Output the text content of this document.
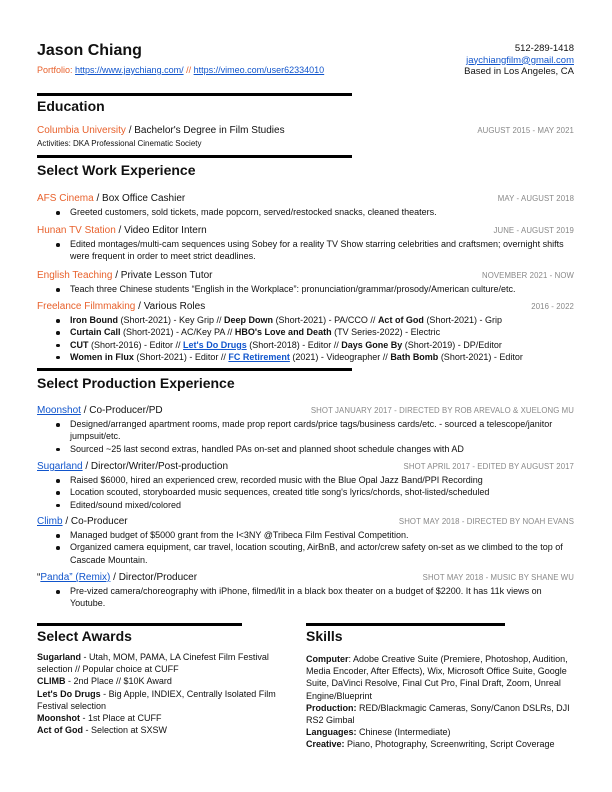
Jason Chiang
Portfolio: https://www.jaychiang.com/ // https://vimeo.com/user62334010
512-289-1418
jaychiangfilm@gmail.com
Based in Los Angeles, CA
Education
Columbia University / Bachelor's Degree in Film Studies	AUGUST 2015 - MAY 2021
Activities: DKA Professional Cinematic Society
Select Work Experience
AFS Cinema / Box Office Cashier	MAY - AUGUST 2018
Greeted customers, sold tickets, made popcorn, served/restocked snacks, cleaned theaters.
Hunan TV Station / Video Editor Intern	JUNE - AUGUST 2019
Edited montages/multi-cam sequences using Sobey for a reality TV Show starring celebrities and craftsmen; overnight shifts were frequent in order to meet strict deadlines.
English Teaching / Private Lesson Tutor	NOVEMBER 2021 - NOW
Teach three Chinese students “English in the Workplace”: pronunciation/grammar/prosody/American culture/etc.
Freelance Filmmaking / Various Roles	2016 - 2022
Iron Bound (Short-2021) - Key Grip // Deep Down (Short-2021) - PA/CCO // Act of God (Short-2021) - Grip
Curtain Call (Short-2021) - AC/Key PA // HBO's Love and Death (TV Series-2022) - Electric
CUT (Short-2016) - Editor // Let's Do Drugs (Short-2018) - Editor // Days Gone By (Short-2019) - DP/Editor
Women in Flux (Short-2021) - Editor // FC Retirement (2021) - Videographer // Bath Bomb (Short-2021) - Editor
Select Production Experience
Moonshot / Co-Producer/PD	SHOT JANUARY 2017 - DIRECTED BY ROB AREVALO & XUELONG MU
Designed/arranged apartment rooms, made prop report cards/price tags/business cards/etc. - sourced a telescope/janitor jumpsuit/etc.
Sourced ~25 last second extras, handled PAs on-set and planned shoot schedule changes with AD
Sugarland / Director/Writer/Post-production	SHOT APRIL 2017 - EDITED BY AUGUST 2017
Raised $6000, hired an experienced crew, recorded music with the Blue Opal Jazz Band/PPI Recording
Location scouted, storyboarded music sequences, created title song's lyrics/chords, shot-listed/scheduled
Edited/sound mixed/colored
Climb / Co-Producer	SHOT MAY 2018 - DIRECTED BY NOAH EVANS
Managed budget of $5000 grant from the I<3NY @Tribeca Film Festival Competition.
Organized camera equipment, car travel, location scouting, AirBnB, and actor/crew safety on-set as we climbed to the top of Cascade Mountain.
“Panda” (Remix) / Director/Producer	SHOT MAY 2018 - MUSIC BY SHANE WU
Pre-vized camera/choreography with iPhone, filmed/lit in a black box theater on a budget of $2200. It has 11k views on Youtube.
Select Awards
Sugarland - Utah, MOM, PAMA, LA Cinefest Film Festival selection // Popular choice at CUFF
CLIMB - 2nd Place // $10K Award
Let's Do Drugs - Big Apple, INDIEX, Centrally Isolated Film Festival selection
Moonshot - 1st Place at CUFF
Act of God - Selection at SXSW
Skills
Computer: Adobe Creative Suite (Premiere, Photoshop, Audition, Media Encoder, After Effects), Wix, Microsoft Office Suite, Google Suite, DaVinci Resolve, Final Cut Pro, Final Draft, Zoom, Unreal Engine/Blueprint
Production: RED/Blackmagic Cameras, Sony/Canon DSLRs, DJI RS2 Gimbal
Languages: Chinese (Intermediate)
Creative: Piano, Photography, Screenwriting, Script Coverage
